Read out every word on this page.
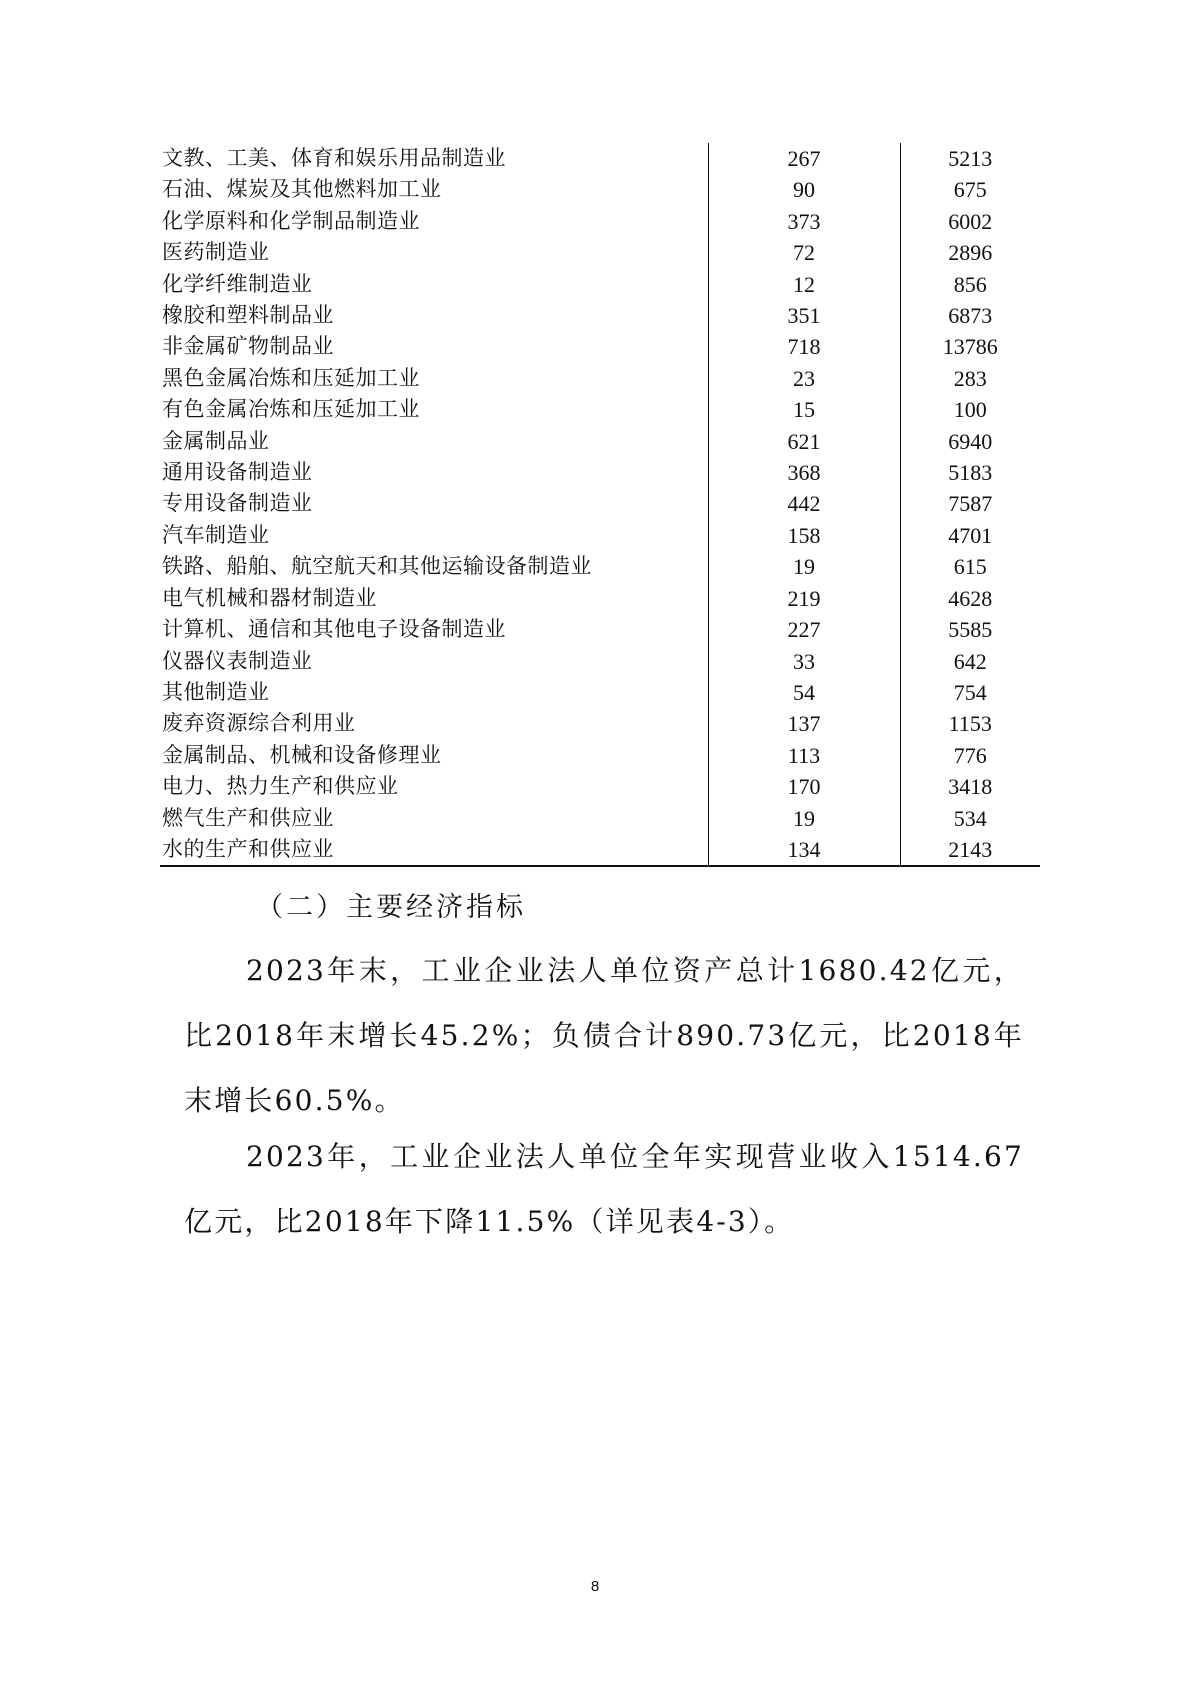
文教、工美、体育和娱乐用品制造业	267	5213
石油、煤炭及其他燃料加工业	90	675
化学原料和化学制品制造业	373	6002
医药制造业	72	2896
化学纤维制造业	12	856
橡胶和塑料制品业	351	6873
非金属矿物制品业	718	13786
黑色金属冶炼和压延加工业	23	283
有色金属冶炼和压延加工业	15	100
金属制品业	621	6940
通用设备制造业	368	5183
专用设备制造业	442	7587
汽车制造业	158	4701
铁路、船舶、航空航天和其他运输设备制造业	19	615
电气机械和器材制造业	219	4628
计算机、通信和其他电子设备制造业	227	5585
仪器仪表制造业	33	642
其他制造业	54	754
废弃资源综合利用业	137	1153
金属制品、机械和设备修理业	113	776
电力、热力生产和供应业	170	3418
燃气生产和供应业	19	534
水的生产和供应业	134	2143
（二）主要经济指标

2023年末，工业企业法人单位资产总计1680.42亿元，比2018年末增长45.2%；负债合计890.73亿元，比2018年末增长60.5%。

2023年，工业企业法人单位全年实现营业收入1514.67亿元，比2018年下降11.5%（详见表4-3）。

8
